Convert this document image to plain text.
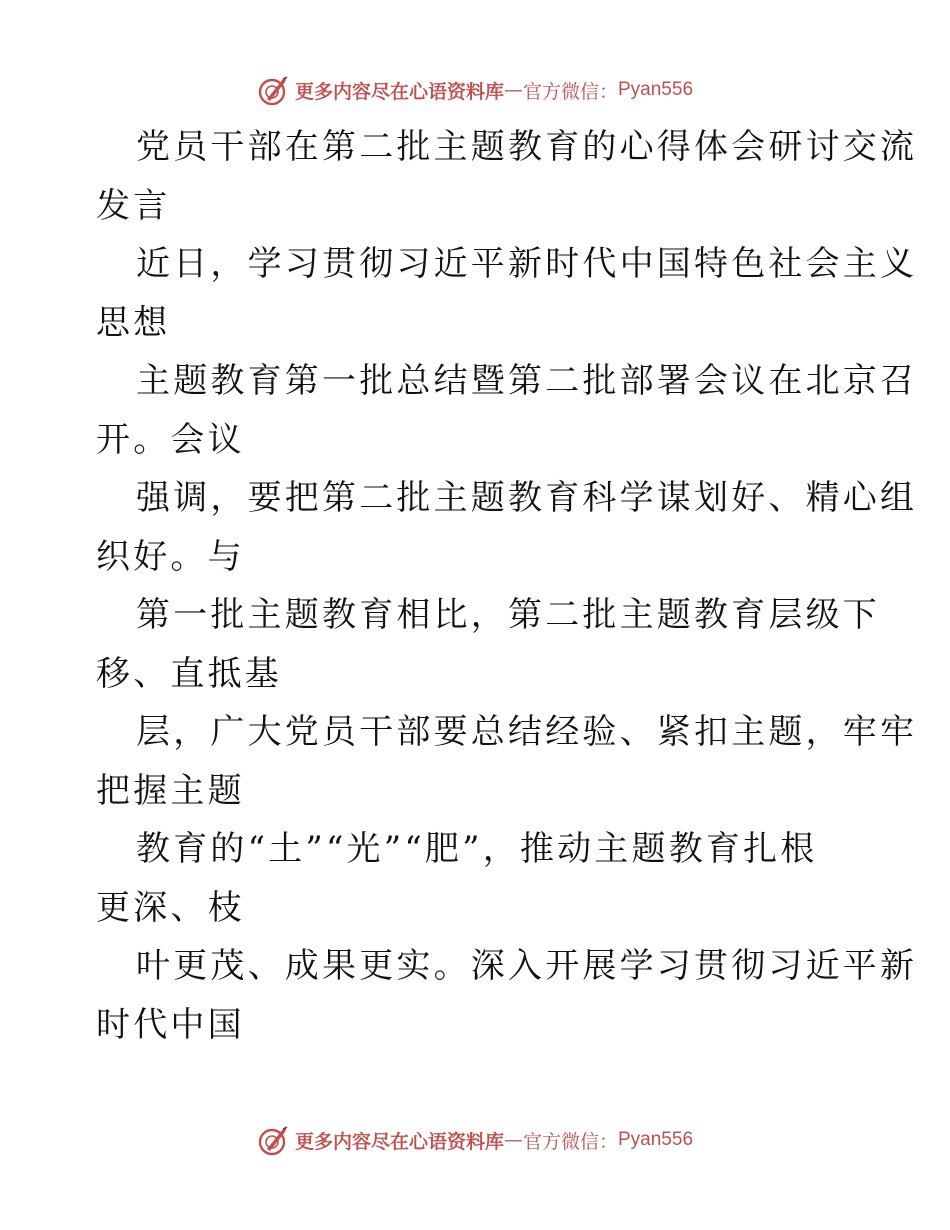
更多内容尽在心语资料库 — 官方微信： Pyan556
党员干部在第二批主题教育的心得体会研讨交流
发言
近日，学习贯彻习近平新时代中国特色社会主义
思想
主题教育第一批总结暨第二批部署会议在北京召
开。会议
强调，要把第二批主题教育科学谋划好、精心组
织好。与
第一批主题教育相比，第二批主题教育层级下
移、直抵基
层，广大党员干部要总结经验、紧扣主题，牢牢
把握主题
教育的“土”“光”“肥”，推动主题教育扎根
更深、枝
叶更茂、成果更实。深入开展学习贯彻习近平新
时代中国
更多内容尽在心语资料库 — 官方微信： Pyan556
